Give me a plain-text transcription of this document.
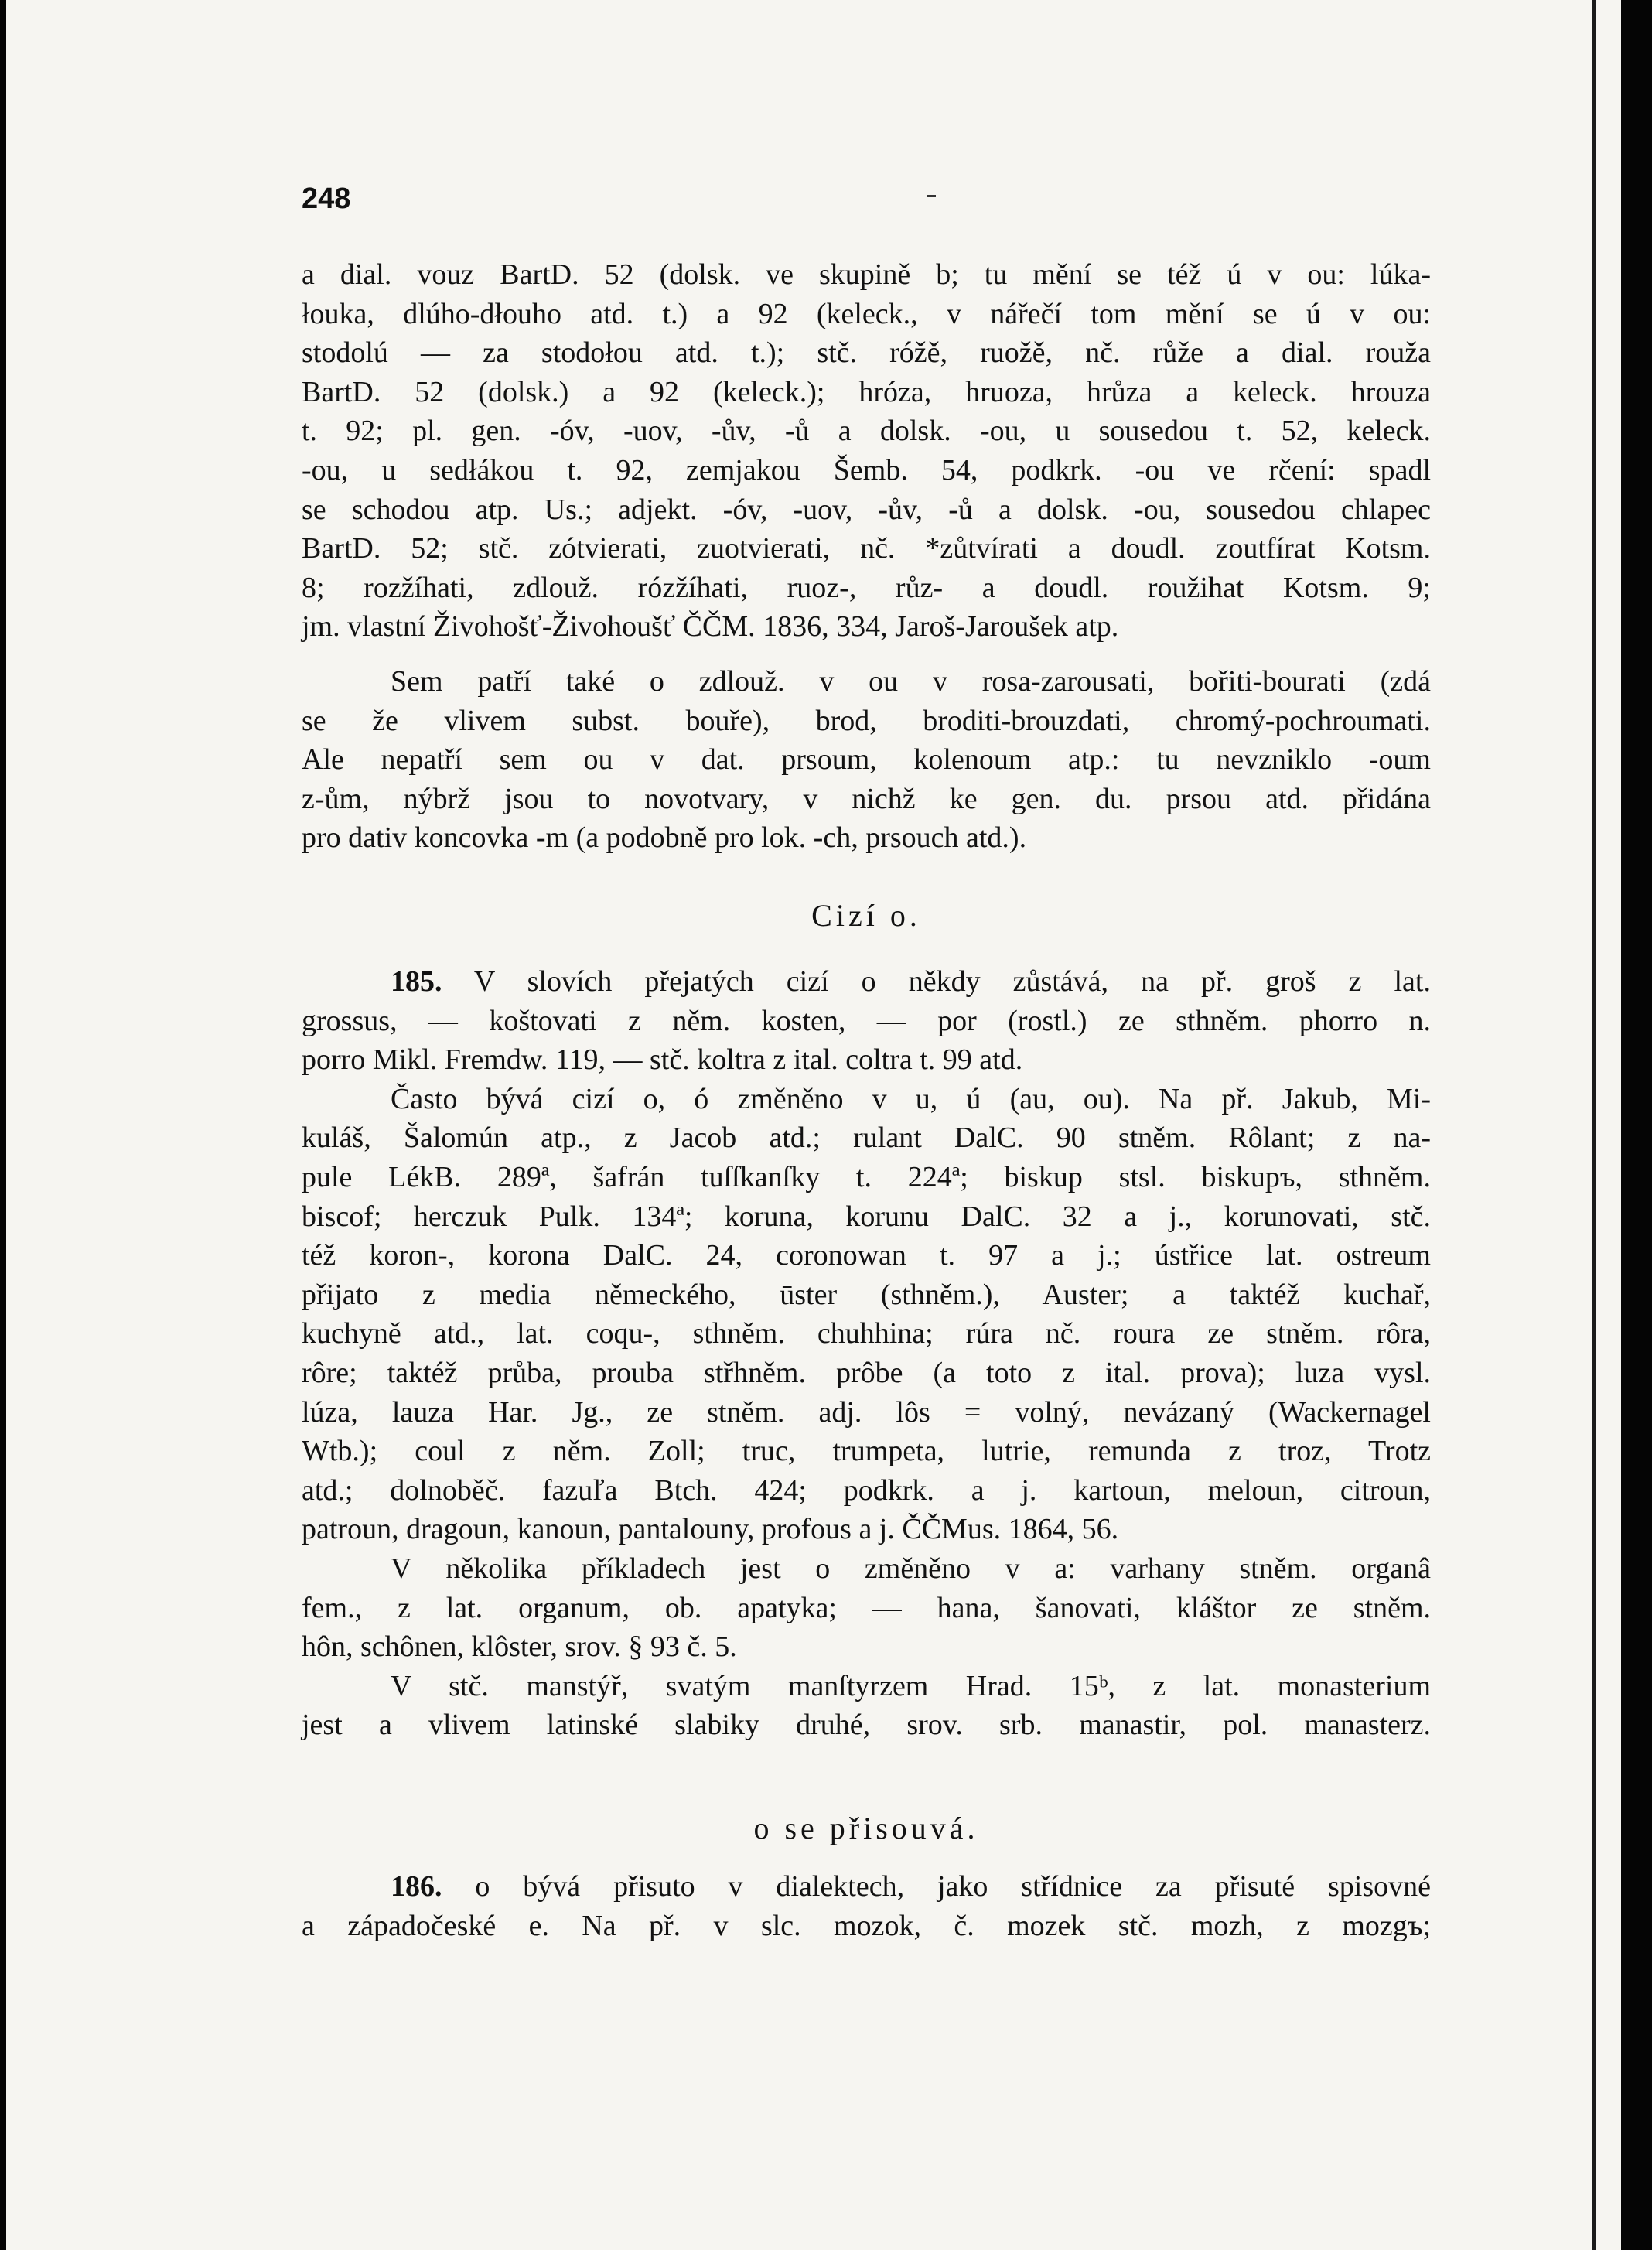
248
a dial. vouz BartD. 52 (dolsk. ve skupině b; tu mění se též ú v ou: lúka-
łouka, dlúho-dłouho atd. t.) a 92 (keleck., v nářečí tom mění se ú v ou:
stodolú — za stodołou atd. t.); stč. róžě, ruožě, nč. růže a dial. rouža
BartD. 52 (dolsk.) a 92 (keleck.); hróza, hruoza, hrůza a keleck. hrouza
t. 92; pl. gen. -óv, -uov, -ův, -ů a dolsk. -ou, u sousedou t. 52, keleck.
-ou, u sedłákou t. 92, zemjakou Šemb. 54, podkrk. -ou ve rčení: spadl
se schodou atp. Us.; adjekt. -óv, -uov, -ův, -ů a dolsk. -ou, sousedou chlapec
BartD. 52; stč. zótvierati, zuotvierati, nč. *zůtvírati a doudl. zoutfírat Kotsm.
8; rozžíhati, zdlouž. rózžíhati, ruoz-, růz- a doudl. roužihat Kotsm. 9;
jm. vlastní Živohošť-Živohoušť ČČM. 1836, 334, Jaroš-Jaroušek atp.
Sem patří také o zdlouž. v ou v rosa-zarousati, bořiti-bourati (zdá
se že vlivem subst. bouře), brod, broditi-brouzdati, chromý-pochroumati.
Ale nepatří sem ou v dat. prsoum, kolenoum atp.: tu nevzniklo -oum
z-ům, nýbrž jsou to novotvary, v nichž ke gen. du. prsou atd. přidána
pro dativ koncovka -m (a podobně pro lok. -ch, prsouch atd.).
Cizí o.
185. V slovích přejatých cizí o někdy zůstává, na př. groš z lat.
grossus, — koštovati z něm. kosten, — por (rostl.) ze sthněm. phorro n.
porro Mikl. Fremdw. 119, — stč. koltra z ital. coltra t. 99 atd.
Často bývá cizí o, ó změněno v u, ú (au, ou). Na př. Jakub, Mi-
kuláš, Šalomún atp., z Jacob atd.; rulant DalC. 90 stněm. Rôlant; z na-
pule LékB. 289ª, šafrán tuſſkanſky t. 224ª; biskup stsl. biskupъ, sthněm.
biscof; herczuk Pulk. 134ª; koruna, korunu DalC. 32 a j., korunovati, stč.
též koron-, korona DalC. 24, coronowan t. 97 a j.; ústřice lat. ostreum
přijato z media německého, ūster (sthněm.), Auster; a taktéž kuchař,
kuchyně atd., lat. coqu-, sthněm. chuhhina; rúra nč. roura ze stněm. rôra,
rôre; taktéž průba, prouba střhněm. prôbe (a toto z ital. prova); luza vysl.
lúza, lauza Har. Jg., ze stněm. adj. lôs = volný, nevázaný (Wackernagel
Wtb.); coul z něm. Zoll; truc, trumpeta, lutrie, remunda z troz, Trotz
atd.; dolnoběč. fazuľa Btch. 424; podkrk. a j. kartoun, meloun, citroun,
patroun, dragoun, kanoun, pantalouny, profous a j. ČČMus. 1864, 56.
V několika příkladech jest o změněno v a: varhany stněm. organâ
fem., z lat. organum, ob. apatyka; — hana, šanovati, kláštor ze stněm.
hôn, schônen, klôster, srov. § 93 č. 5.
V stč. manstýř, svatým manſtyrzem Hrad. 15ᵇ, z lat. monasterium
jest a vlivem latinské slabiky druhé, srov. srb. manastir, pol. manasterz.
o se přisouvá.
186. o bývá přisuto v dialektech, jako střídnice za přisuté spisovné
a západočeské e. Na př. v slc. mozok, č. mozek stč. mozh, z mozgъ;
